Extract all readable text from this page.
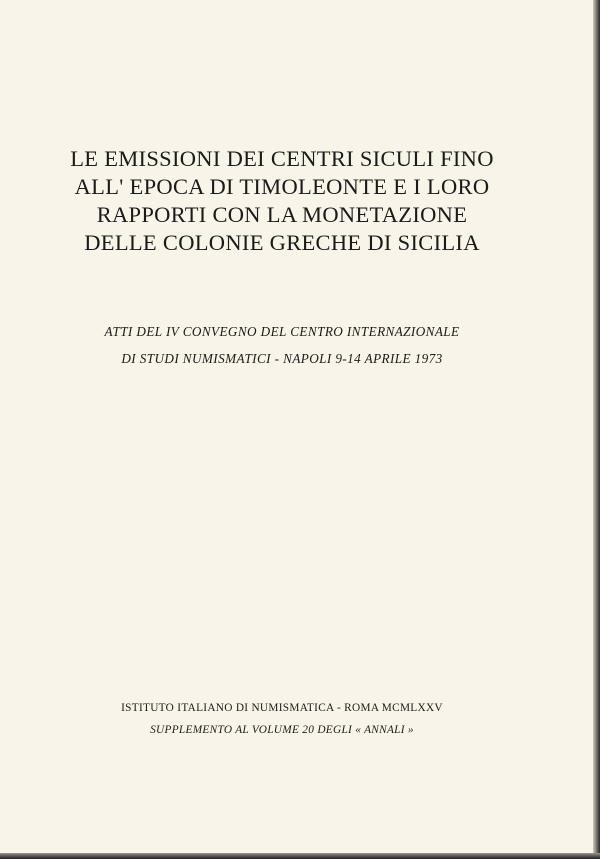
LE EMISSIONI DEI CENTRI SICULI FINO
ALL' EPOCA DI TIMOLEONTE E I LORO
RAPPORTI CON LA MONETAZIONE
DELLE COLONIE GRECHE DI SICILIA
ATTI DEL IV CONVEGNO DEL CENTRO INTERNAZIONALE
DI STUDI NUMISMATICI - NAPOLI 9-14 APRILE 1973
ISTITUTO ITALIANO DI NUMISMATICA - ROMA MCMLXXV
SUPPLEMENTO AL VOLUME 20 DEGLI « ANNALI »
